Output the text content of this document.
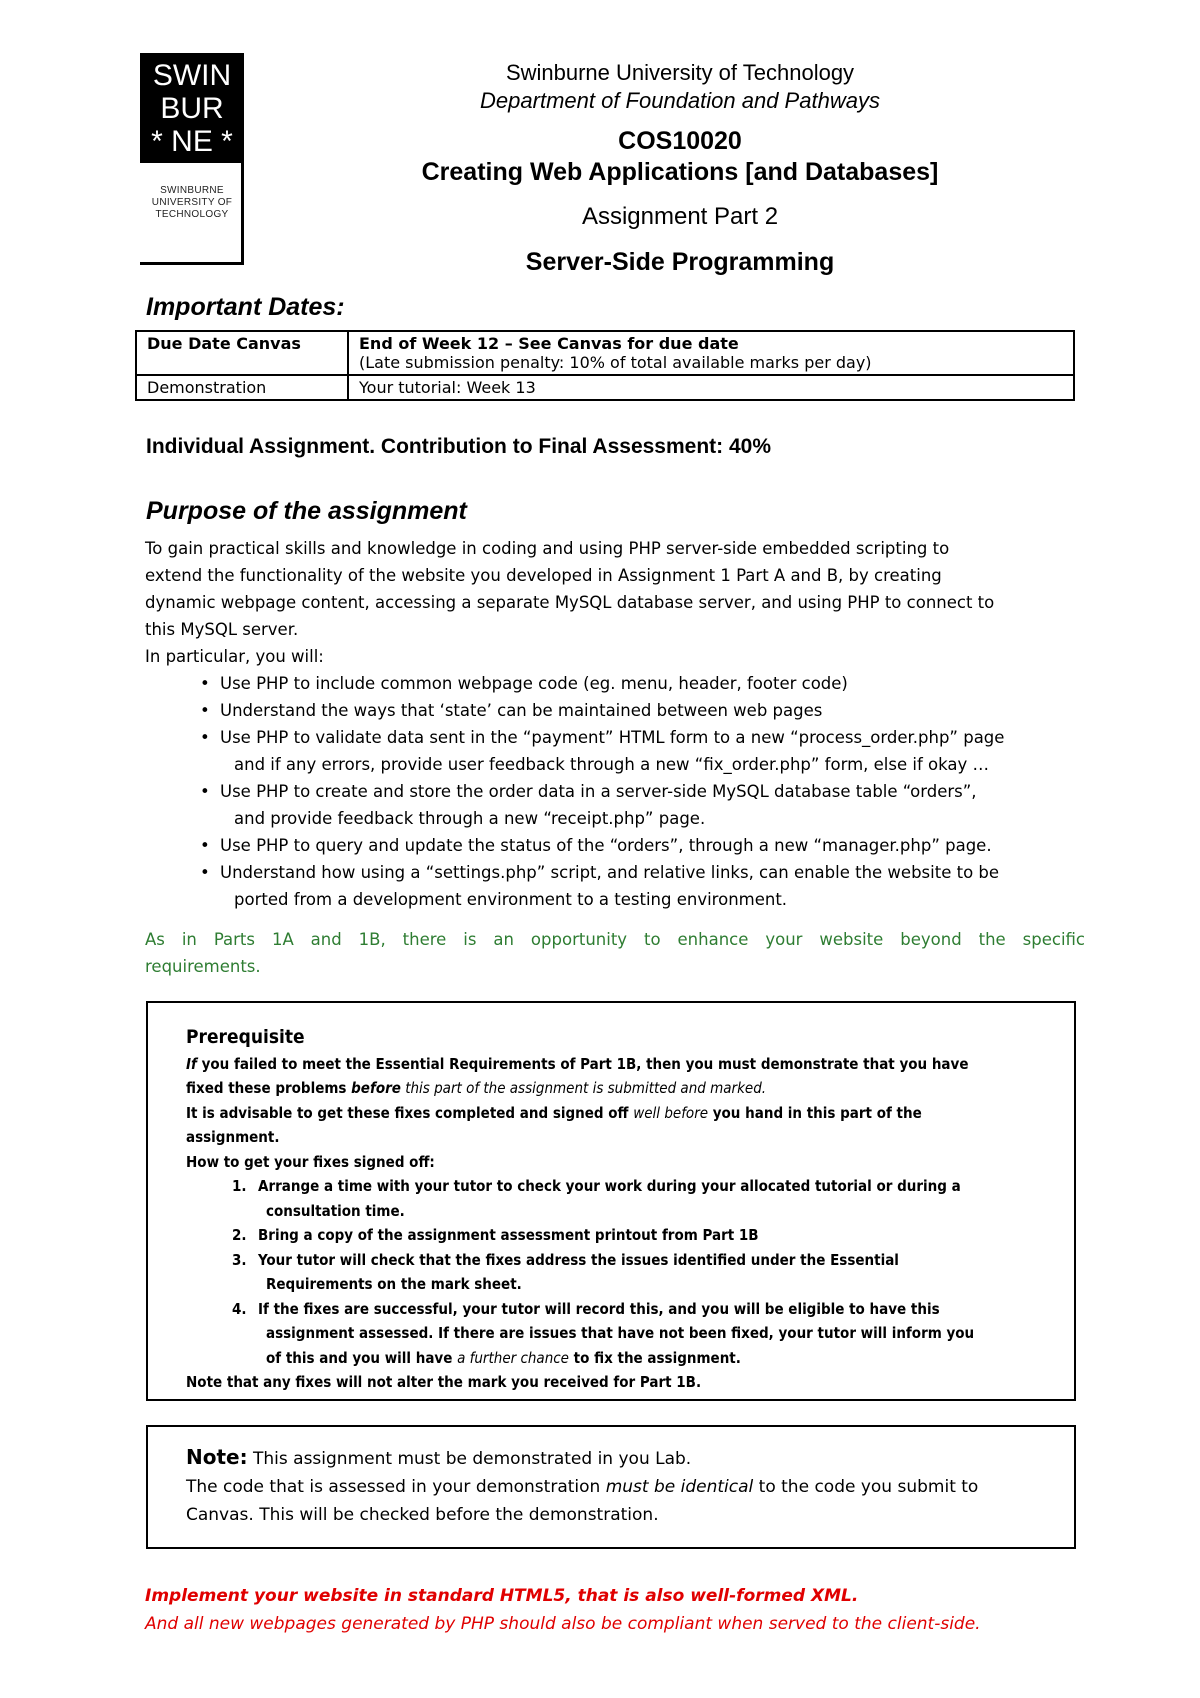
SWIN
BUR
* NE *
SWINBURNE
UNIVERSITY OF
TECHNOLOGY
Swinburne University of Technology
Department of Foundation and Pathways
COS10020
Creating Web Applications [and Databases]
Assignment Part 2
Server-Side Programming
Important Dates:
Due Date Canvas	End of Week 12 – See Canvas for due date
(Late submission penalty: 10% of total available marks per day)

Demonstration	Your tutorial: Week 13
Individual Assignment. Contribution to Final Assessment: 40%
Purpose of the assignment
To gain practical skills and knowledge in coding and using PHP server-side embedded scripting to
extend the functionality of the website you developed in Assignment 1 Part A and B, by creating
dynamic webpage content, accessing a separate MySQL database server, and using PHP to connect to
this MySQL server.
In particular, you will:
• Use PHP to include common webpage code (eg. menu, header, footer code)
• Understand the ways that ‘state’ can be maintained between web pages
• Use PHP to validate data sent in the “payment” HTML form to a new “process_order.php” page
and if any errors, provide user feedback through a new “fix_order.php” form, else if okay …
• Use PHP to create and store the order data in a server-side MySQL database table “orders”,
and provide feedback through a new “receipt.php” page.
• Use PHP to query and update the status of the “orders”, through a new “manager.php” page.
• Understand how using a “settings.php” script, and relative links, can enable the website to be
ported from a development environment to a testing environment.
As in Parts 1A and 1B, there is an opportunity to enhance your website beyond the specific
requirements.
Prerequisite
If you failed to meet the Essential Requirements of Part 1B, then you must demonstrate that you have
fixed these problems before this part of the assignment is submitted and marked.
It is advisable to get these fixes completed and signed off well before you hand in this part of the
assignment.
How to get your fixes signed off:
1. Arrange a time with your tutor to check your work during your allocated tutorial or during a
consultation time.
2. Bring a copy of the assignment assessment printout from Part 1B
3. Your tutor will check that the fixes address the issues identified under the Essential
Requirements on the mark sheet.
4. If the fixes are successful, your tutor will record this, and you will be eligible to have this
assignment assessed. If there are issues that have not been fixed, your tutor will inform you
of this and you will have a further chance to fix the assignment.
Note that any fixes will not alter the mark you received for Part 1B.
Note: This assignment must be demonstrated in you Lab.
The code that is assessed in your demonstration must be identical to the code you submit to
Canvas. This will be checked before the demonstration.
Implement your website in standard HTML5, that is also well-formed XML.
And all new webpages generated by PHP should also be compliant when served to the client-side.
